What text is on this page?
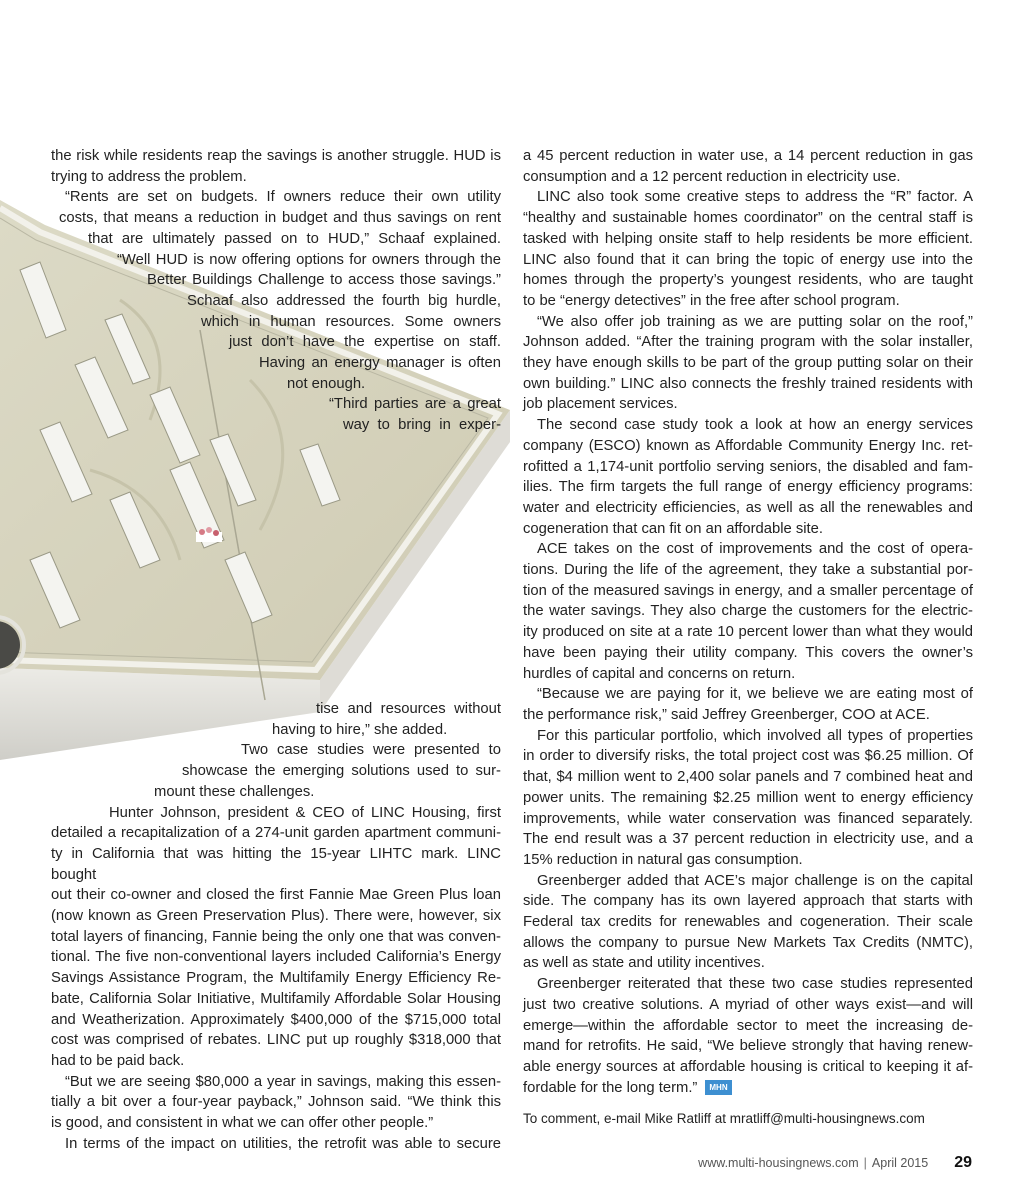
the risk while residents reap the savings is another struggle. HUD is
trying to address the problem.
“Rents are set on budgets. If owners reduce their own utility
costs, that means a reduction in budget and thus savings on rent
that are ultimately passed on to HUD,” Schaaf explained.
“Well HUD is now offering options for owners through the
Better Buildings Challenge to access those savings.”
Schaaf also addressed the fourth big hurdle,
which in human resources. Some owners
just don’t have the expertise on staff.
Having an energy manager is often
not enough.
“Third parties are a great
way to bring in exper-
tise and resources without
having to hire,” she added.
Two case studies were presented to
showcase the emerging solutions used to sur-
mount these challenges.
Hunter Johnson, president & CEO of LINC Housing, first
detailed a recapitalization of a 274-unit garden apartment communi-
ty in California that was hitting the 15-year LIHTC mark. LINC bought
out their co-owner and closed the first Fannie Mae Green Plus loan
(now known as Green Preservation Plus). There were, however, six
total layers of financing, Fannie being the only one that was conven-
tional. The five non-conventional layers included California’s Energy
Savings Assistance Program, the Multifamily Energy Efficiency Re-
bate, California Solar Initiative, Multifamily Affordable Solar Housing
and Weatherization. Approximately $400,000 of the $715,000 total
cost was comprised of rebates. LINC put up roughly $318,000 that
had to be paid back.
“But we are seeing $80,000 a year in savings, making this essen-
tially a bit over a four-year payback,” Johnson said. “We think this
is good, and consistent in what we can offer other people.”
In terms of the impact on utilities, the retrofit was able to secure
a 45 percent reduction in water use, a 14 percent reduction in gas
consumption and a 12 percent reduction in electricity use.
LINC also took some creative steps to address the “R” factor. A
“healthy and sustainable homes coordinator” on the central staff is
tasked with helping onsite staff to help residents be more efficient.
LINC also found that it can bring the topic of energy use into the
homes through the property’s youngest residents, who are taught
to be “energy detectives” in the free after school program.
“We also offer job training as we are putting solar on the roof,”
Johnson added. “After the training program with the solar installer,
they have enough skills to be part of the group putting solar on their
own building.” LINC also connects the freshly trained residents with
job placement services.
The second case study took a look at how an energy services
company (ESCO) known as Affordable Community Energy Inc. ret-
rofitted a 1,174-unit portfolio serving seniors, the disabled and fam-
ilies. The firm targets the full range of energy efficiency programs:
water and electricity efficiencies, as well as all the renewables and
cogeneration that can fit on an affordable site.
ACE takes on the cost of improvements and the cost of opera-
tions. During the life of the agreement, they take a substantial por-
tion of the measured savings in energy, and a smaller percentage of
the water savings. They also charge the customers for the electric-
ity produced on site at a rate 10 percent lower than what they would
have been paying their utility company. This covers the owner’s
hurdles of capital and concerns on return.
“Because we are paying for it, we believe we are eating most of
the performance risk,” said Jeffrey Greenberger, COO at ACE.
For this particular portfolio, which involved all types of properties
in order to diversify risks, the total project cost was $6.25 million. Of
that, $4 million went to 2,400 solar panels and 7 combined heat and
power units. The remaining $2.25 million went to energy efficiency
improvements, while water conservation was financed separately.
The end result was a 37 percent reduction in electricity use, and a
15% reduction in natural gas consumption.
Greenberger added that ACE’s major challenge is on the capital
side. The company has its own layered approach that starts with
Federal tax credits for renewables and cogeneration. Their scale
allows the company to pursue New Markets Tax Credits (NMTC),
as well as state and utility incentives.
Greenberger reiterated that these two case studies represented
just two creative solutions. A myriad of other ways exist—and will
emerge—within the affordable sector to meet the increasing de-
mand for retrofits. He said, “We believe strongly that having renew-
able energy sources at affordable housing is critical to keeping it af-
fordable for the long term.” MHN
To comment, e-mail Mike Ratliff at mratliff@multi-housingnews.com
www.multi-housingnews.com | April 2015 29
